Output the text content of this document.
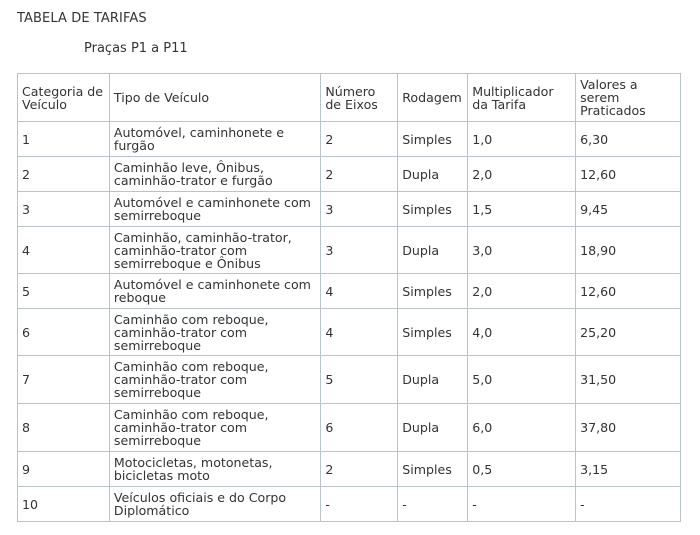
TABELA DE TARIFAS
Praças P1 a P11
Categoria de Veículo	Tipo de Veículo	Número de Eixos	Rodagem	Multiplicador da Tarifa	Valores a serem Praticados
1	Automóvel, caminhonete e furgão	2	Simples	1,0	6,30
2	Caminhão leve, Ônibus, caminhão-trator e furgão	2	Dupla	2,0	12,60
3	Automóvel e caminhonete com semirreboque	3	Simples	1,5	9,45
4	Caminhão, caminhão-trator, caminhão-trator com semirreboque e Ônibus	3	Dupla	3,0	18,90
5	Automóvel e caminhonete com reboque	4	Simples	2,0	12,60
6	Caminhão com reboque, caminhão-trator com semirreboque	4	Simples	4,0	25,20
7	Caminhão com reboque, caminhão-trator com semirreboque	5	Dupla	5,0	31,50
8	Caminhão com reboque, caminhão-trator com semirreboque	6	Dupla	6,0	37,80
9	Motocicletas, motonetas, bicicletas moto	2	Simples	0,5	3,15
10	Veículos oficiais e do Corpo Diplomático	-	-	-	-
